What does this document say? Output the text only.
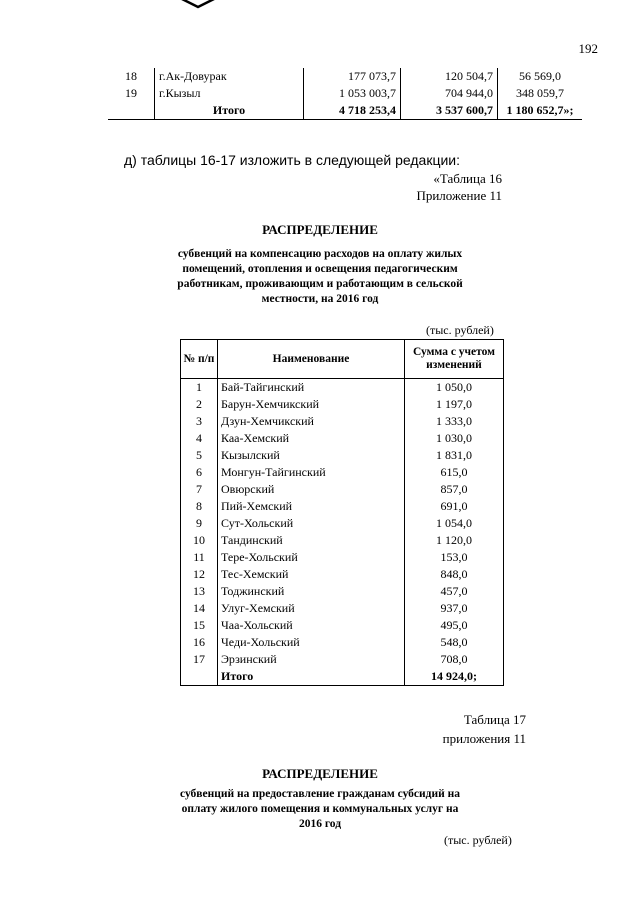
192
18	г.Ак-Довурак	177 073,7	120 504,7	56 569,0
19	г.Кызыл	1 053 003,7	704 944,0	348 059,7
	Итого	4 718 253,4	3 537 600,7	1 180 652,7»;
д) таблицы 16-17 изложить в следующей редакции:
«Таблица 16
Приложение 11
РАСПРЕДЕЛЕНИЕ
субвенций на компенсацию расходов на оплату жилых помещений, отопления и освещения педагогическим работникам, проживающим и работающим в сельской местности, на 2016 год
(тыс. рублей)
№ п/п	Наименование	Сумма с учетом изменений
1	Бай-Тайгинский	1 050,0
2	Барун-Хемчикский	1 197,0
3	Дзун-Хемчикский	1 333,0
4	Каа-Хемский	1 030,0
5	Кызылский	1 831,0
6	Монгун-Тайгинский	615,0
7	Овюрский	857,0
8	Пий-Хемский	691,0
9	Сут-Хольский	1 054,0
10	Тандинский	1 120,0
11	Тере-Хольский	153,0
12	Тес-Хемский	848,0
13	Тоджинский	457,0
14	Улуг-Хемский	937,0
15	Чаа-Хольский	495,0
16	Чеди-Хольский	548,0
17	Эрзинский	708,0
	Итого	14 924,0;
Таблица 17
приложения 11
РАСПРЕДЕЛЕНИЕ
субвенций на предоставление гражданам субсидий на оплату жилого помещения и коммунальных услуг на 2016 год
(тыс. рублей)
